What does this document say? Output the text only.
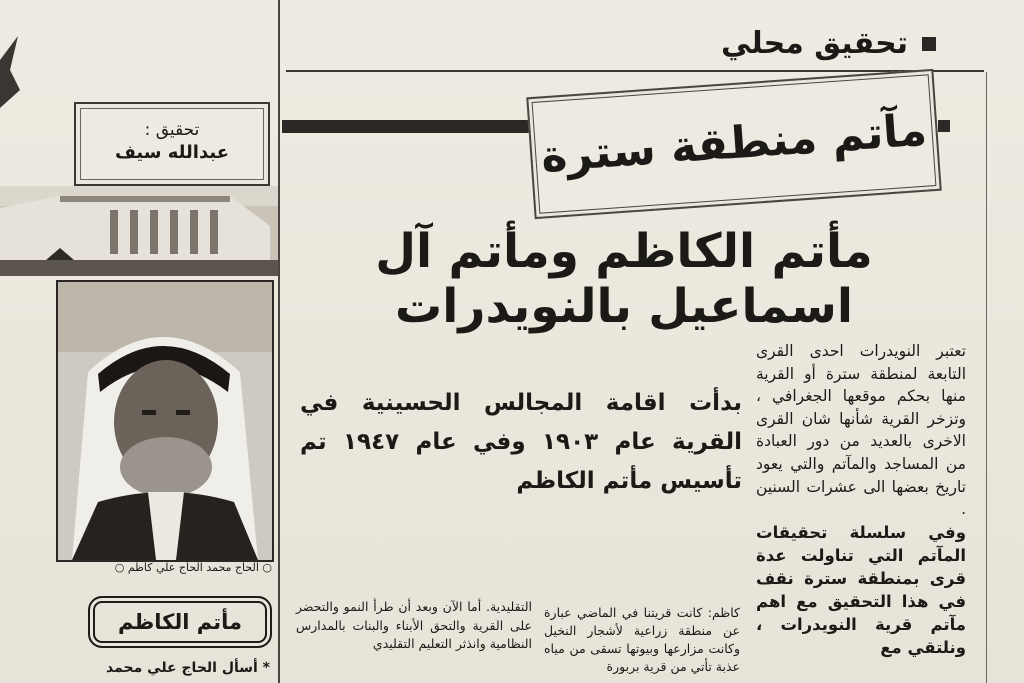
تحقيق محلي
تحقيق :
عبدالله سيف
○ الحاج محمد الحاج علي كاظم ○
مأتم الكاظم
* أسأل الحاج علي محمد
مآتم منطقة سترة
مأتم الكاظم ومأتم آل اسماعيل بالنويدرات
بدأت اقامة المجالس الحسينية في القرية عام ١٩٠٣ وفي عام ١٩٤٧ تم تأسيس مأتم الكاظم

تعتبر النويدرات احدى القرى التابعة لمنطقة سترة أو القرية منها بحكم موقعها الجغرافي ، وتزخر القرية شأنها شان القرى الاخرى بالعديد من دور العبادة من المساجد والمآتم والتي يعود تاريخ بعضها الى عشرات السنين .

وفي سلسلة تحقيقات المآتم التي تناولت عدة قرى بمنطقة سترة نقف في هذا التحقيق مع اهم مآتم قرية النويدرات ، ونلتقي مع

كاظم: كانت قريتنا في الماضي عبارة عن منطقة زراعية لأشجار النخيل وكانت مزارعها وبيوتها تسقى من مياه عذبة تأتي من قرية بربورة
التقليدية. أما الآن وبعد أن طرأ النمو والتحضر على القرية والتحق الأبناء والبنات بالمدارس النظامية وانذثر التعليم التقليدي
